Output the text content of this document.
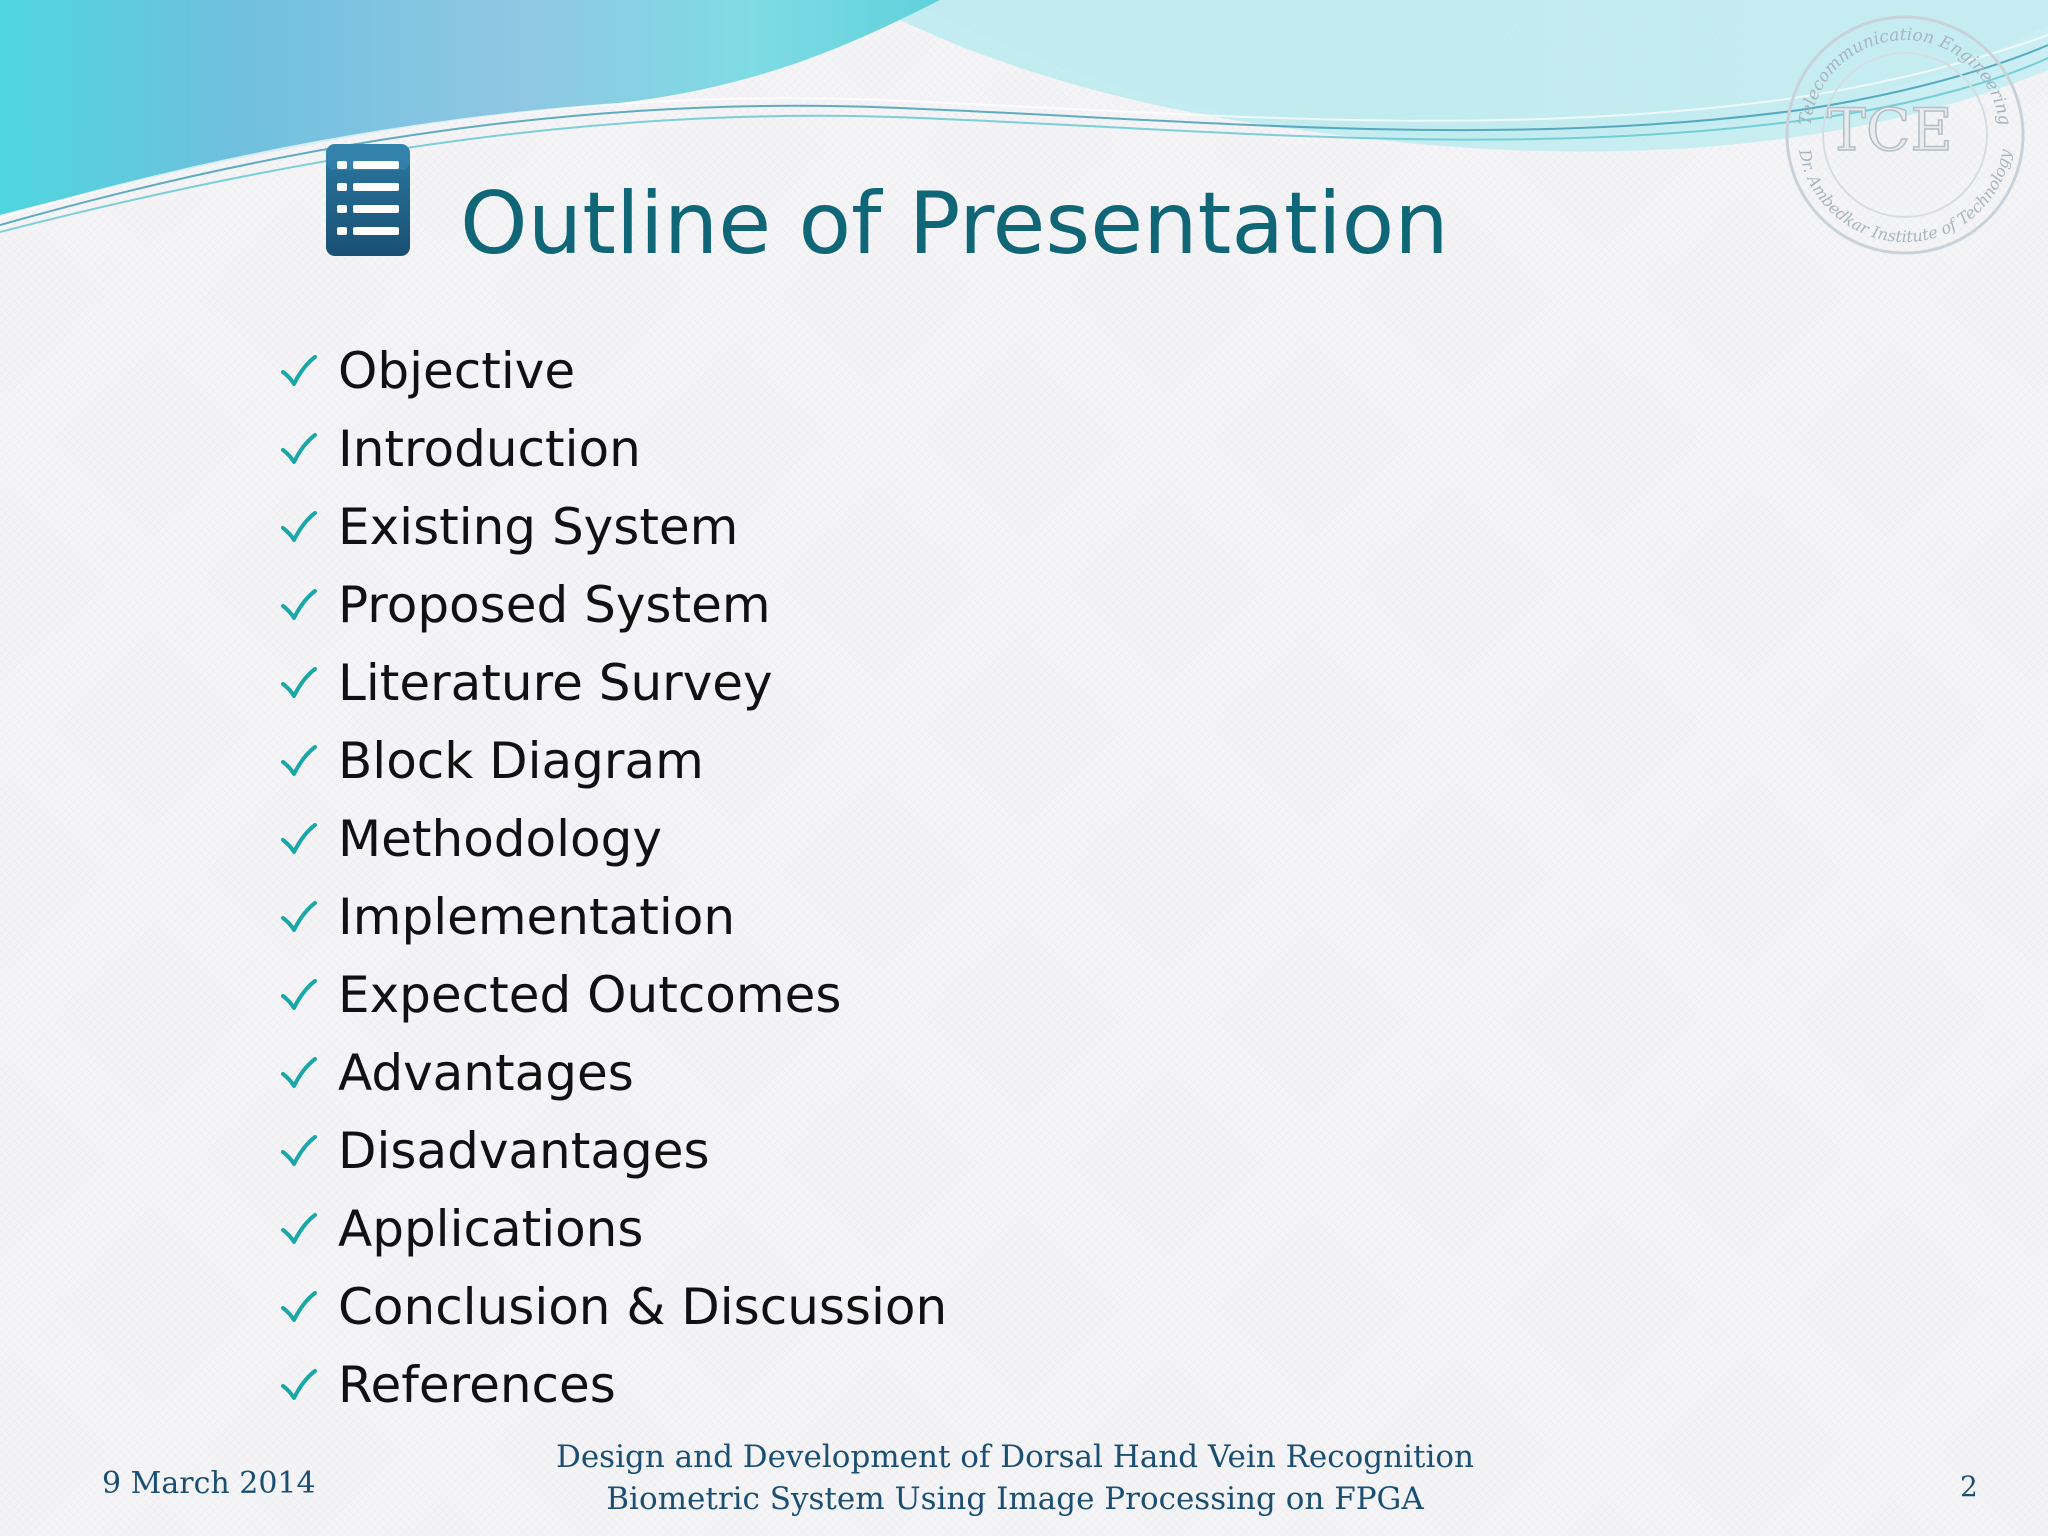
Telecommunication Engineering
Dr. Ambedkar Institute of Technology
TCE
Outline of Presentation
Objective
Introduction
Existing System
Proposed System
Literature Survey
Block Diagram
Methodology
Implementation
Expected Outcomes
Advantages
Disadvantages
Applications
Conclusion & Discussion
References
9 March 2014
Design and Development of Dorsal Hand Vein Recognition
Biometric System Using Image Processing on FPGA	2
